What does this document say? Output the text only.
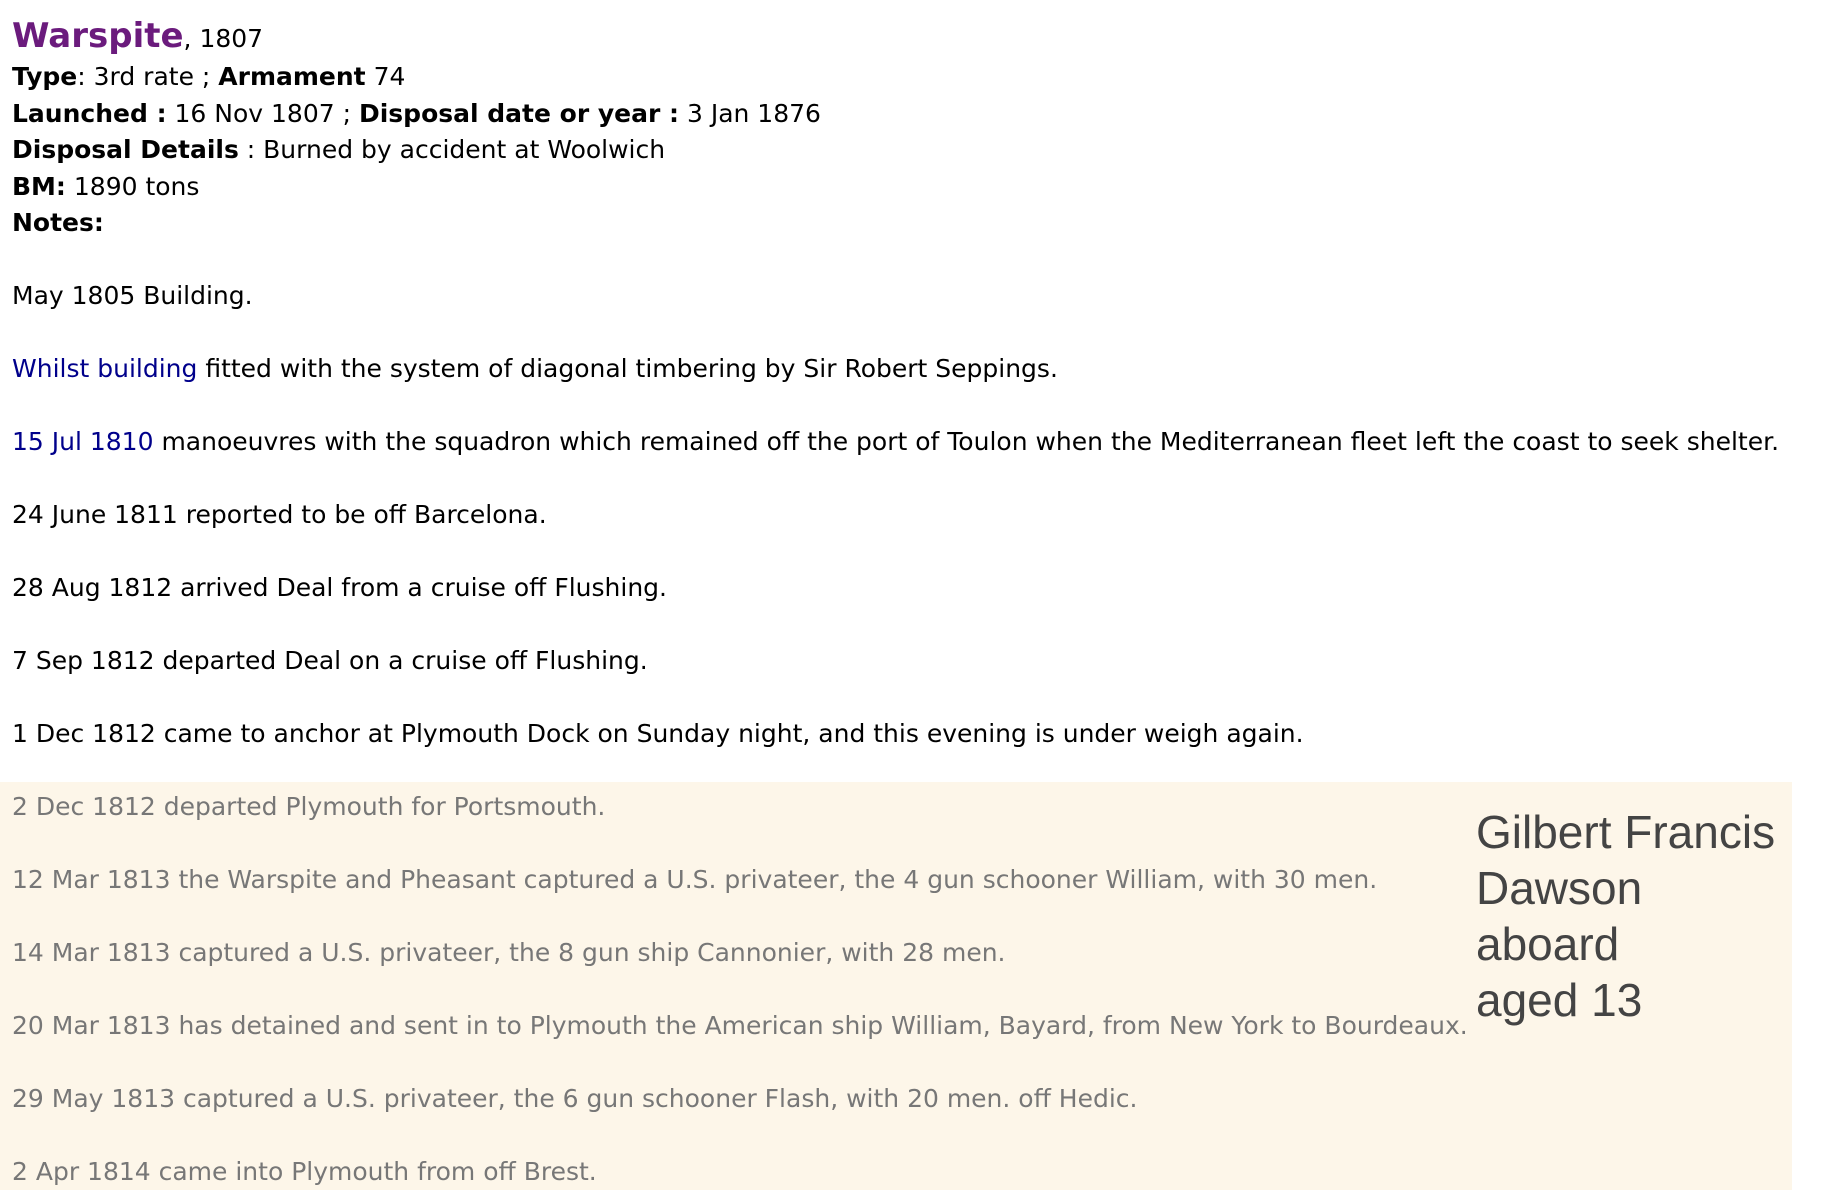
Warspite, 1807
Type: 3rd rate ; Armament 74
Launched : 16 Nov 1807 ; Disposal date or year : 3 Jan 1876
Disposal Details : Burned by accident at Woolwich
BM: 1890 tons
Notes:
May 1805 Building.
Whilst building fitted with the system of diagonal timbering by Sir Robert Seppings.
15 Jul 1810 manoeuvres with the squadron which remained off the port of Toulon when the Mediterranean fleet left the coast to seek shelter.
24 June 1811 reported to be off Barcelona.
28 Aug 1812 arrived Deal from a cruise off Flushing.
7 Sep 1812 departed Deal on a cruise off Flushing.
1 Dec 1812 came to anchor at Plymouth Dock on Sunday night, and this evening is under weigh again.
2 Dec 1812 departed Plymouth for Portsmouth.
12 Mar 1813 the Warspite and Pheasant captured a U.S. privateer, the 4 gun schooner William, with 30 men.
14 Mar 1813 captured a U.S. privateer, the 8 gun ship Cannonier, with 28 men.
20 Mar 1813 has detained and sent in to Plymouth the American ship William, Bayard, from New York to Bourdeaux.
29 May 1813 captured a U.S. privateer, the 6 gun schooner Flash, with 20 men. off Hedic.
2 Apr 1814 came into Plymouth from off Brest.
Gilbert Francis
Dawson
aboard
aged 13
